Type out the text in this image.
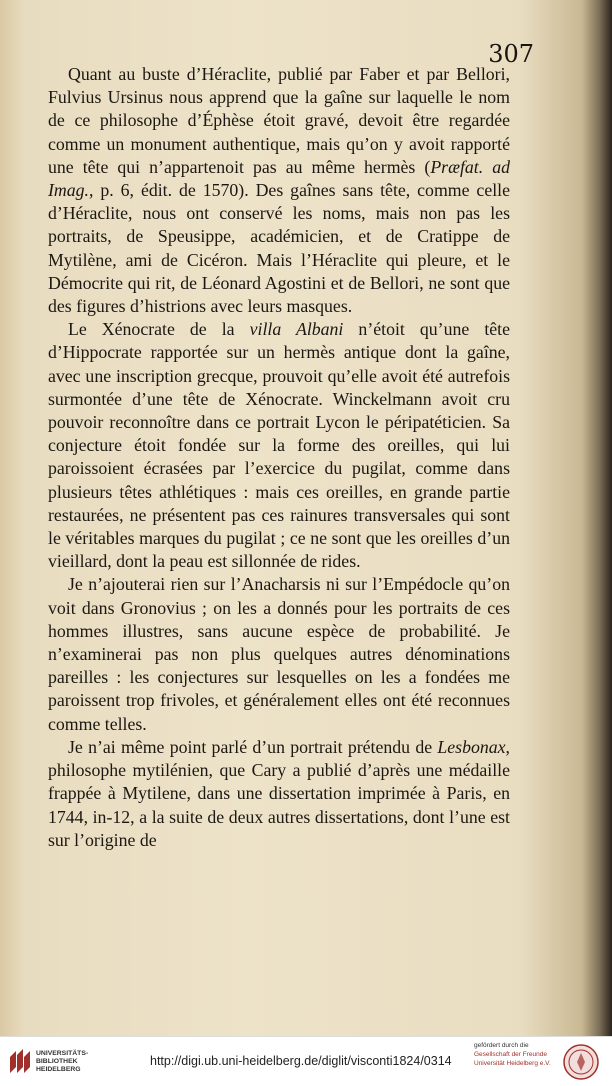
307

Quant au buste d’Héraclite, publié par Faber et par Bellori, Fulvius Ursinus nous apprend que la gaîne sur laquelle le nom de ce philosophe d’Éphèse étoit gravé, devoit être regardée comme un monument authentique, mais qu’on y avoit rapporté une tête qui n’appartenoit pas au même hermès (Præfat. ad Imag., p. 6, édit. de 1570). Des gaînes sans tête, comme celle d’Héraclite, nous ont conservé les noms, mais non pas les portraits, de Speusippe, académicien, et de Cratippe de Mytilène, ami de Cicéron. Mais l’Héraclite qui pleure, et le Démocrite qui rit, de Léonard Agostini et de Bellori, ne sont que des figures d’histrions avec leurs masques.

Le Xénocrate de la villa Albani n’étoit qu’une tête d’Hippocrate rapportée sur un hermès antique dont la gaîne, avec une inscription grecque, prouvoit qu’elle avoit été autrefois surmontée d’une tête de Xénocrate. Winckelmann avoit cru pouvoir reconnoître dans ce portrait Lycon le péripatéticien. Sa conjecture étoit fondée sur la forme des oreilles, qui lui paroissoient écrasées par l’exercice du pugilat, comme dans plusieurs têtes athlétiques : mais ces oreilles, en grande partie restaurées, ne présentent pas ces rainures transversales qui sont le véritables marques du pugilat ; ce ne sont que les oreilles d’un vieillard, dont la peau est sillonnée de rides.

Je n’ajouterai rien sur l’Anacharsis ni sur l’Empédocle qu’on voit dans Gronovius ; on les a donnés pour les portraits de ces hommes illustres, sans aucune espèce de probabilité. Je n’examinerai pas non plus quelques autres dénominations pareilles : les conjectures sur lesquelles on les a fondées me paroissent trop frivoles, et généralement elles ont été reconnues comme telles.

Je n’ai même point parlé d’un portrait prétendu de Lesbonax, philosophe mytilénien, que Cary a publié d’après une médaille frappée à Mytilene, dans une dissertation imprimée à Paris, en 1744, in-12, a la suite de deux autres dissertations, dont l’une est sur l’origine de

UNIVERSITÄTS-
BIBLIOTHEK
HEIDELBERG
http://digi.ub.uni-heidelberg.de/diglit/visconti1824/0314
gefördert durch die
Gesellschaft der Freunde
Universität Heidelberg e.V.
